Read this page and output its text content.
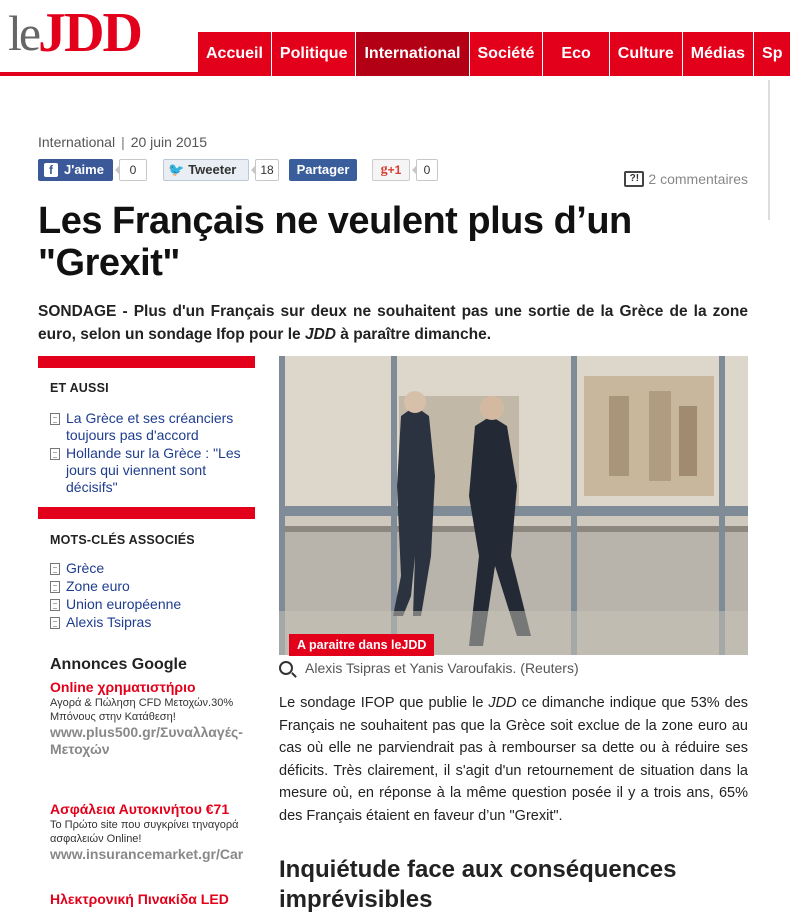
le JDD	Accueil	Politique	International	Société	Eco	Culture	Médias	Sp
International | 20 juin 2015
f J'aime	0	🐦 Tweeter	18	Partager	g +1	0
?! 2 commentaires
Les Français ne veulent plus d’un "Grexit"

SONDAGE - Plus d'un Français sur deux ne souhaitent pas une sortie de la Grèce de la zone euro, selon un sondage Ifop pour le JDD à paraître dimanche.

ET AUSSI
La Grèce et ses créanciers toujours pas d'accord
Hollande sur la Grèce : "Les jours qui viennent sont décisifs"
MOTS-CLÉS ASSOCIÉS
Grèce
Zone euro
Union européenne
Alexis Tsipras
Annonces Google
Online χρηματιστήριο
Αγορά & Πώληση CFD Μετοχών.30% Μπόνους στην Κατάθεση!
www.plus500.gr/Συναλλαγές-Μετοχών
Ασφάλεια Αυτοκινήτου €71
Το Πρώτο site που συγκρίνει τηναγορά ασφαλειών Online!
www.insurancemarket.gr/Car
Ηλεκτρονική Πινακίδα LED
A paraitre dans leJDD
Alexis Tsipras et Yanis Varoufakis. (Reuters)

Le sondage IFOP que publie le JDD ce dimanche indique que 53% des Français ne souhaitent pas que la Grèce soit exclue de la zone euro au cas où elle ne parviendrait pas à rembourser sa dette ou à réduire ses déficits. Très clairement, il s'agit d'un retournement de situation dans la mesure où, en réponse à la même question posée il y a trois ans, 65% des Français étaient en faveur d’un "Grexit".

Inquiétude face aux conséquences imprévisibles
